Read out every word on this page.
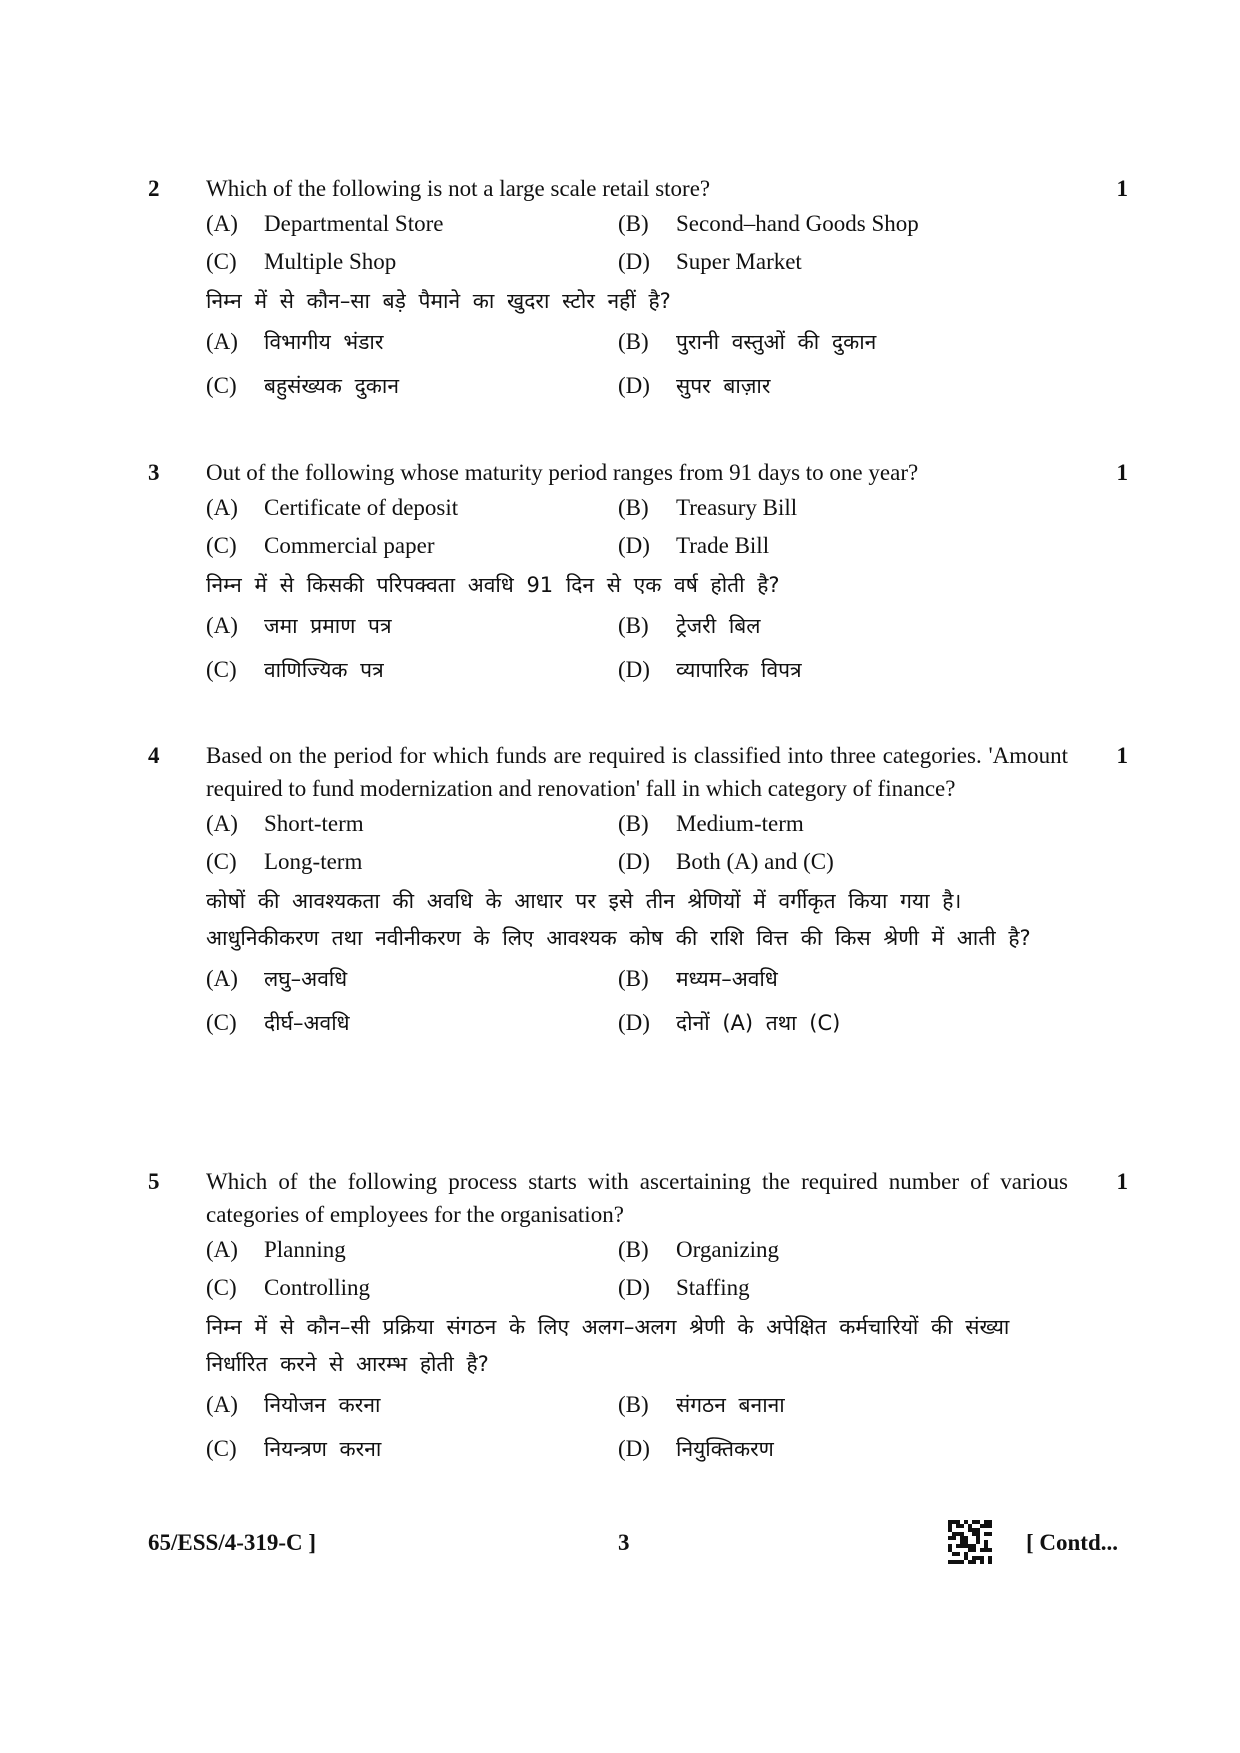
2	1

Which of the following is not a large scale retail store?

(A)	Departmental Store	(B)	Second–hand Goods Shop
(C)	Multiple Shop	(D)	Super Market

निम्न में से कौन–सा बड़े पैमाने का खुदरा स्टोर नहीं है?

(A)	विभागीय भंडार	(B)	पुरानी वस्तुओं की दुकान
(C)	बहुसंख्यक दुकान	(D)	सुपर बाज़ार
3	1

Out of the following whose maturity period ranges from 91 days to one year?

(A)	Certificate of deposit	(B)	Treasury Bill
(C)	Commercial paper	(D)	Trade Bill

निम्न में से किसकी परिपक्वता अवधि 91 दिन से एक वर्ष होती है?

(A)	जमा प्रमाण पत्र	(B)	ट्रेजरी बिल
(C)	वाणिज्यिक पत्र	(D)	व्यापारिक विपत्र
4	1

Based on the period for which funds are required is classified into three categories. 'Amount required to fund modernization and renovation' fall in which category of finance?

(A)	Short-term	(B)	Medium-term
(C)	Long-term	(D)	Both (A) and (C)

कोषों की आवश्यकता की अवधि के आधार पर इसे तीन श्रेणियों में वर्गीकृत किया गया है। आधुनिकीकरण तथा नवीनीकरण के लिए आवश्यक कोष की राशि वित्त की किस श्रेणी में आती है?

(A)	लघु–अवधि	(B)	मध्यम–अवधि
(C)	दीर्घ–अवधि	(D)	दोनों (A) तथा (C)
5	1

Which of the following process starts with ascertaining the required number of various categories of employees for the organisation?

(A)	Planning	(B)	Organizing
(C)	Controlling	(D)	Staffing

निम्न में से कौन–सी प्रक्रिया संगठन के लिए अलग–अलग श्रेणी के अपेक्षित कर्मचारियों की संख्या निर्धारित करने से आरम्भ होती है?

(A)	नियोजन करना	(B)	संगठन बनाना
(C)	नियन्त्रण करना	(D)	नियुक्तिकरण
65/ESS/4-319-C ]	3	[ Contd...
